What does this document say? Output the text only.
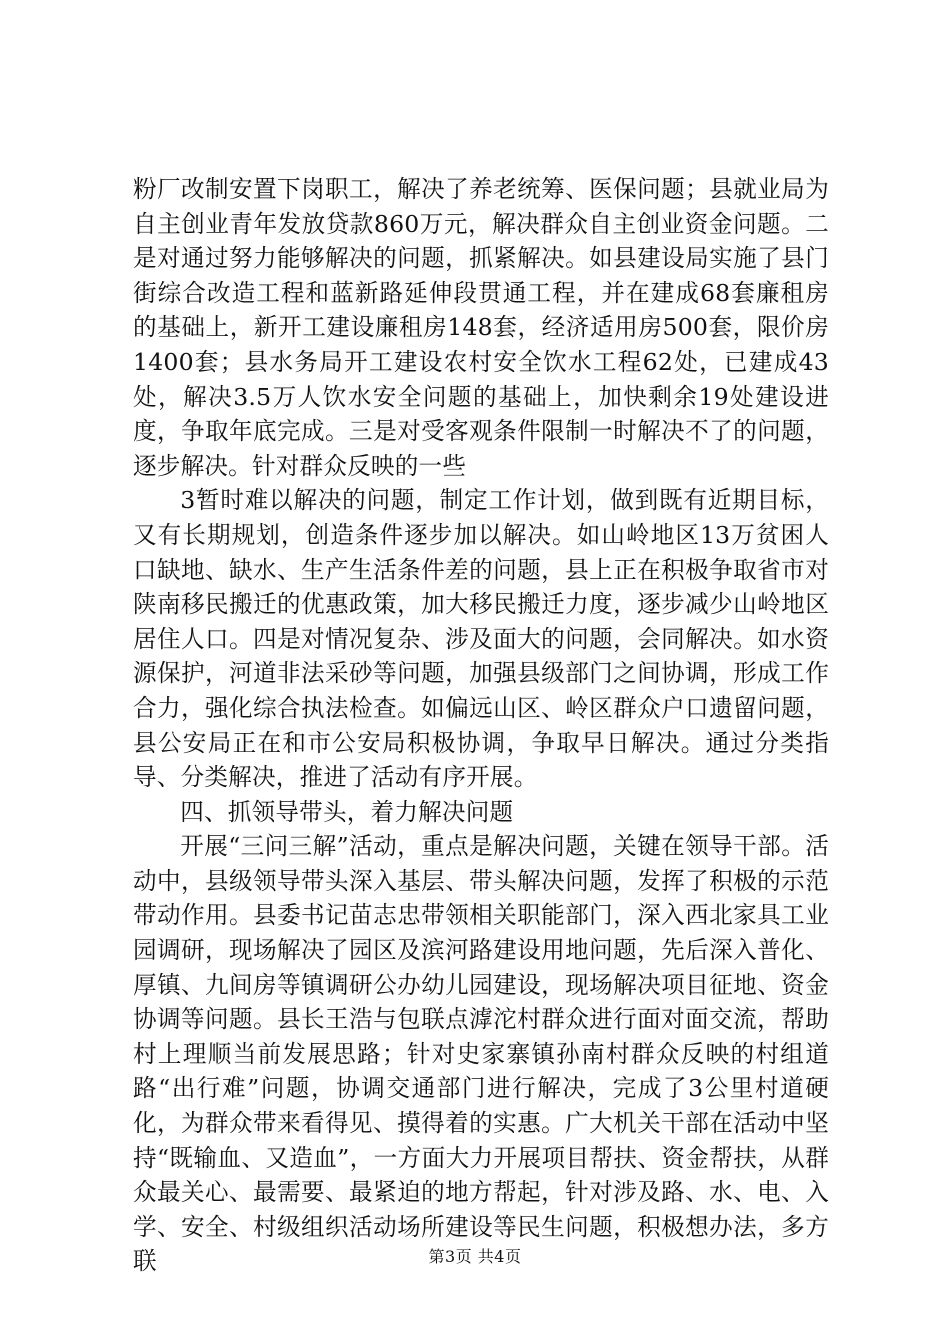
粉厂改制安置下岗职工，解决了养老统筹、医保问题；县就业局为自主创业青年发放贷款860万元，解决群众自主创业资金问题。二是对通过努力能够解决的问题，抓紧解决。如县建设局实施了县门街综合改造工程和蓝新路延伸段贯通工程，并在建成68套廉租房的基础上，新开工建设廉租房148套，经济适用房500套，限价房1400套；县水务局开工建设农村安全饮水工程62处，已建成43处，解决3.5万人饮水安全问题的基础上，加快剩余19处建设进度，争取年底完成。三是对受客观条件限制一时解决不了的问题，逐步解决。针对群众反映的一些

3暂时难以解决的问题，制定工作计划，做到既有近期目标，又有长期规划，创造条件逐步加以解决。如山岭地区13万贫困人口缺地、缺水、生产生活条件差的问题，县上正在积极争取省市对陕南移民搬迁的优惠政策，加大移民搬迁力度，逐步减少山岭地区居住人口。四是对情况复杂、涉及面大的问题，会同解决。如水资源保护，河道非法采砂等问题，加强县级部门之间协调，形成工作合力，强化综合执法检查。如偏远山区、岭区群众户口遗留问题，县公安局正在和市公安局积极协调，争取早日解决。通过分类指导、分类解决，推进了活动有序开展。

四、抓领导带头，着力解决问题

开展“三问三解”活动，重点是解决问题，关键在领导干部。活动中，县级领导带头深入基层、带头解决问题，发挥了积极的示范带动作用。县委书记苗志忠带领相关职能部门，深入西北家具工业园调研，现场解决了园区及滨河路建设用地问题，先后深入普化、厚镇、九间房等镇调研公办幼儿园建设，现场解决项目征地、资金协调等问题。县长王浩与包联点滹沱村群众进行面对面交流，帮助村上理顺当前发展思路；针对史家寨镇孙南村群众反映的村组道路“出行难”问题，协调交通部门进行解决，完成了3公里村道硬化，为群众带来看得见、摸得着的实惠。广大机关干部在活动中坚持“既输血、又造血”，一方面大力开展项目帮扶、资金帮扶，从群众最关心、最需要、最紧迫的地方帮起，针对涉及路、水、电、入学、安全、村级组织活动场所建设等民生问题，积极想办法，多方联	第3页 共4页
